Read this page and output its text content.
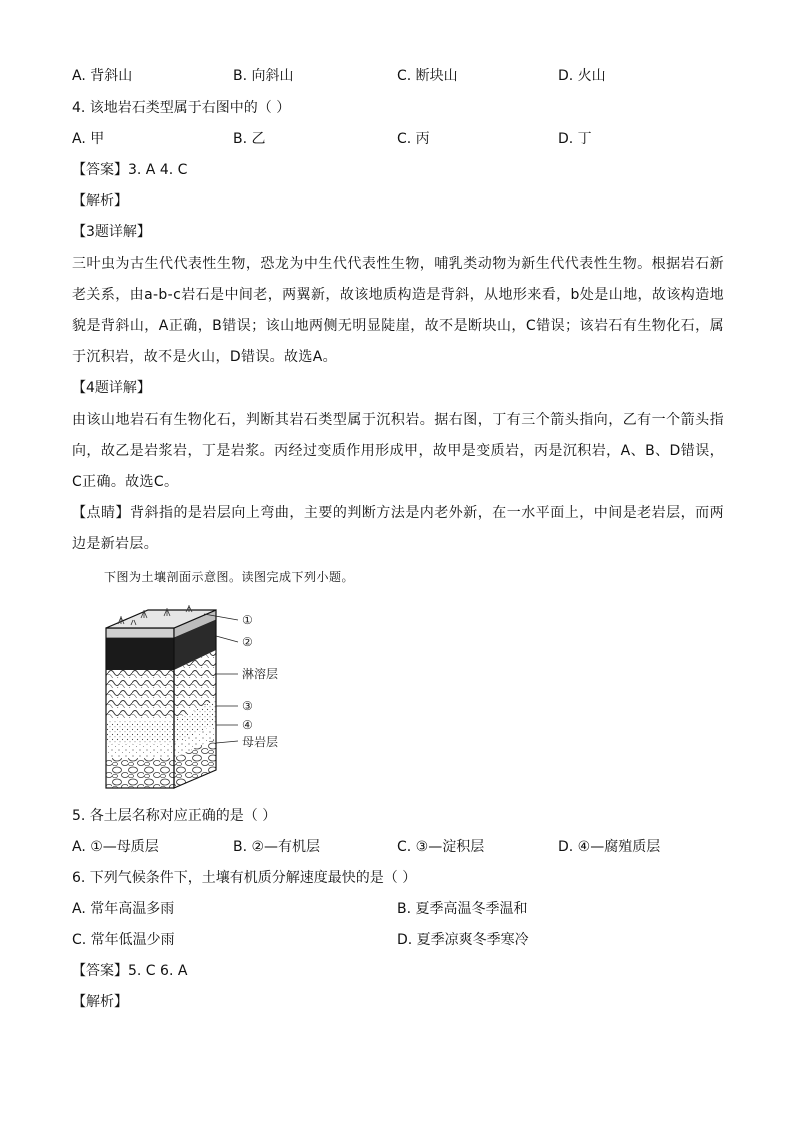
A. 背斜山	B. 向斜山	C. 断块山	D. 火山
4. 该地岩石类型属于右图中的（ ）
A. 甲	B. 乙	C. 丙	D. 丁
【答案】3. A 4. C
【解析】
【3题详解】
三叶虫为古生代代表性生物，恐龙为中生代代表性生物，哺乳类动物为新生代代表性生物。根据岩石新老关系，由a-b-c岩石是中间老，两翼新，故该地质构造是背斜，从地形来看，b处是山地，故该构造地貌是背斜山，A正确，B错误；该山地两侧无明显陡崖，故不是断块山，C错误；该岩石有生物化石，属于沉积岩，故不是火山，D错误。故选A。
【4题详解】
由该山地岩石有生物化石，判断其岩石类型属于沉积岩。据右图，丁有三个箭头指向，乙有一个箭头指向，故乙是岩浆岩，丁是岩浆。丙经过变质作用形成甲，故甲是变质岩，丙是沉积岩，A、B、D错误，C正确。故选C。
【点睛】背斜指的是岩层向上弯曲，主要的判断方法是内老外新，在一水平面上，中间是老岩层，而两边是新岩层。
下图为土壤剖面示意图。读图完成下列小题。
①
②
淋溶层
③
④
母岩层
5. 各土层名称对应正确的是（ ）
A. ①—母质层	B. ②—有机层	C. ③—淀积层	D. ④—腐殖质层
6. 下列气候条件下，土壤有机质分解速度最快的是（ ）
A. 常年高温多雨	B. 夏季高温冬季温和
C. 常年低温少雨	D. 夏季凉爽冬季寒冷
【答案】5. C 6. A
【解析】
